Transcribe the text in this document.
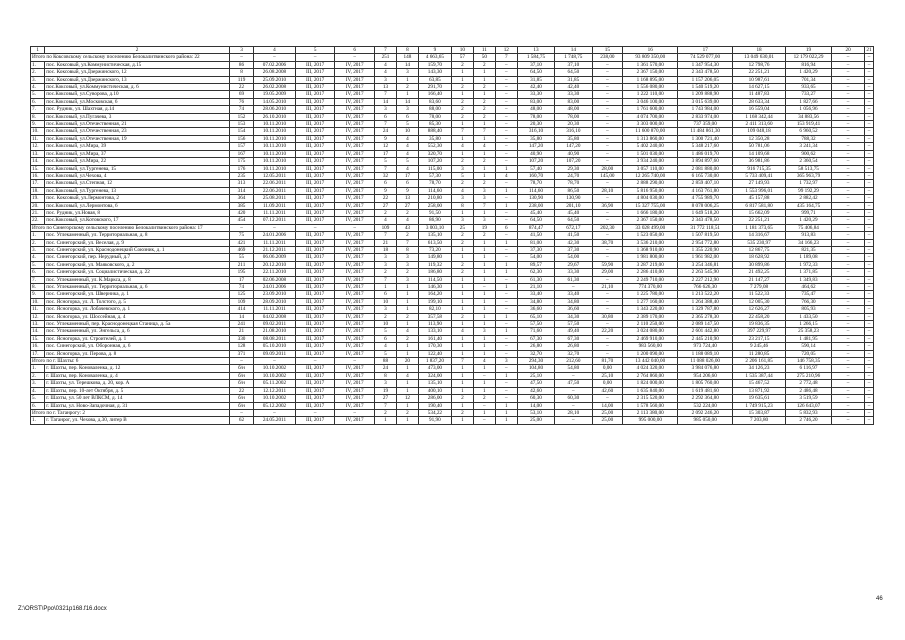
1	2	3	4	5	6	7	8	9	10	11	12	13	14	15	16	17	18	19	20	21
Итого по Коксовскому сельскому поселению Белокалитвинского района: 22		–	–	–	–	251	148	4 663,65	57	50	7	1 584,75	1 748,75	238,00	93 809 350,00	74 529 077,00	13 049 630,01	12 179 022,29	–	–
1.	пос. Коксовый, ул.Коммунистическая, д.15	86	07.02.2006	III, 2017	IV, 2017	4	14	159,70	2	2	–	37,10	37,10	–	1 361 570,00	1 347 954,30	12 798,76	816,94	–	–
2.	пос. Коксовый, ул.Дзержинского, 12	8	26.08.2008	III, 2017	IV, 2017	4	3	143,30	1	1	–	64,50	64,50	–	2 367 150,00	2 343 478,50	22 251,21	1 420,29	–	–
3.	пос. Коксовый, ул.Дзержинского, 13	119	25.09.2010	III, 2017	IV, 2017	3	1	63,85	1	1	–	31,85	31,85	–	1 168 895,00	1 157 206,05	10 987,61	701,34	–	–
4.	пос.Коксовый, ул.Коммунистическая, д. 6	22	26.02.2008	III, 2017	IV, 2017	13	2	291,70	2	2	–	42,40	42,40	–	1 556 080,00	1 540 519,20	14 627,15	933,65	–	–
5.	пос.Коксовый, ул.Суворова, д.10	69	19.05.2009	III, 2017	IV, 2017	7	1	166,40	1	1	–	33,30	33,30	–	1 222 110,00	1 209 888,90	11 487,83	733,27	–	–
6.	пос.Коксовый, ул.Московская, 6	76	14.05.2010	III, 2017	IV, 2017	14	14	83,60	2	2	–	83,00	83,00	–	3 046 100,00	3 015 639,00	28 633,34	1 827,66	–	–
7.	пос. Рудник, ул. Шахтная, д.14	74	28.06.2010	III, 2017	IV, 2017	3	3	88,00	2	2	–	48,00	48,00	–	1 761 600,00	1 743 984,00	16 559,04	1 056,96	–	–
8.	пос.Коксовый, ул.Пугачева, 3	152	26.10.2010	III, 2017	IV, 2017	6	6	78,00	2	2	–	78,00	78,00	–	4 074 700,00	2 833 974,00	1 168 342,44	34 883,56	–	–
9.	пос.Коксовый, ул.Отечественная, 21	153	10.11.2010	III, 2017	IV, 2017	7	5	85,30	1	1	–	20,30	20,30	–	3 303 000,00	737 359,00	2 411 313,60	153 919,41	–	–
10.	пос.Коксовый, ул.Отечественная, 23	154	10.11.2010	III, 2017	IV, 2017	24	10	888,40	7	7	–	316,10	316,10	–	11 600 870,00	11 484 861,30	109 048,18	6 960,52	–	–
11.	пос.Коксовый, ул.Отечественная, 19	156	10.11.2010	III, 2017	IV, 2017	9	4	35,80	1	1	–	35,80	35,80	–	1 313 860,00	1 300 721,40	12 350,28	788,32	–	–
12.	пос.Коксовый, ул.Мира, 39	157	10.11.2010	III, 2017	IV, 2017	12	4	552,30	4	4	–	147,20	147,20	–	5 402 240,00	5 348 217,60	50 781,06	3 241,34	–	–
13.	пос.Коксовый, ул.Мира, 37	167	10.11.2010	III, 2017	IV, 2017	17	4	320,70	1	1	–	40,90	40,90	–	1 501 030,00	1 486 019,70	14 109,68	900,62	–	–
14.	пос.Коксовый, ул.Мира, 22	175	10.11.2010	III, 2017	IV, 2017	5	5	107,20	2	2	–	107,20	107,20	–	3 934 240,00	3 894 897,60	36 981,86	2 360,54	–	–
15.	пос.Коксовый, ул.Тургенева, 15	176	10.11.2010	III, 2017	IV, 2017	7	4	115,00	3	1	1	57,40	29,30	28,00	3 057 110,00	2 081 880,00	916 715,35	58 513,75	–	–
16.	пос.Коксовый, ул.Чехова, 4	235	12.05.2011	III, 2017	IV, 2017	32	17	57,30	5	1	4	160,70	24,70	145,00	12 265 740,00	6 165 730,00	5 733 409,41	365 963,79	–	–
17.	пос.Коксовый, ул.Степная, 12	313	22.06.2011	III, 2017	IV, 2017	6	6	78,70	2	2	–	78,70	78,70	–	2 888 290,00	2 859 407,10	27 149,93	1 732,97	–	–
18.	пос.Коксовый, ул.Тургенева, 13	314	22.06.2011	III, 2017	IV, 2017	9	9	114,60	4	3	1	114,60	86,50	28,10	5 816 950,00	4 163 761,80	1 553 996,01	99 192,29	–	–
19.	пос. Коксовый, ул.Лермонтова, 2	364	25.08.2011	III, 2017	IV, 2017	22	13	210,80	3	3	–	130,90	130,90	–	4 804 030,00	4 755 989,70	45 157,88	2 882,42	–	–
20.	пос.Коксовый, ул.Лермонтова, 6	385	11.09.2011	III, 2017	IV, 2017	27	27	258,00	8	7	1	238,00	201,10	36,90	15 327 755,00	8 078 006,25	6 817 581,80	435 164,75	–	–
21.	пос. Рудник, ул.Новая, 8	420	11.11.2011	III, 2017	IV, 2017	2	2	91,50	1	1	–	45,40	45,40	–	1 666 180,00	1 649 518,20	15 662,09	999,71	–	–
22.	пос.Коксовый, ул.Котовского, 17	454	07.12.2011	III, 2017	IV, 2017	4	4	86,90	3	3	–	64,50	64,50	–	2 367 150,00	2 343 478,50	22 251,21	1 420,29	–	–
Итого по Синегорскому сельскому поселению Белокалитвинского района: 17		–	–	–	–	109	43	3 003,10	25	19	6	874,47	672,17	202,30	33 028 499,00	31 772 118,51	1 181 373,65	75 406,84	–	–
1.	пос. Углекаменный, ул. Территориальная, д. 8	75	24.01.2006	III, 2017	IV, 2017	7	2	135,10	2	2	–	41,50	41,50	–	1 523 050,00	1 507 819,50	14 316,67	913,83	–	–
2.	пос. Синегорский, ул. Веселая, д. 9	421	11.11.2011	III, 2017	IV, 2017	21	7	613,50	2	1	1	81,00	42,30	38,70	3 536 210,00	2 954 772,80	535 230,97	34 166,23	–	–
3.	пос. Синегорский, ул. Краснодонецкий Союзник, д. 1	469	21.12.2011	III, 2017	IV, 2017	18	8	73,20	1	1	–	37,30	37,30	–	1 368 910,00	1 355 220,90	12 867,75	821,35	–	–
4.	пос. Синегорский, пер. Нерудный, д.7	55	06.06.2009	III, 2017	IV, 2017	3	3	149,80	1	1	–	54,00	54,00	–	1 981 800,00	1 961 982,00	18 628,92	1 189,08	–	–
5.	пос. Синегорский, ул. Маяковского, д. 2	211	20.12.2010	III, 2017	IV, 2017	3	3	119,32	2	1	1	89,57	29,67	59,90	3 287 219,00	3 254 346,81	30 899,86	1 972,33	–	–
6.	пос. Синегорский, ул. Социалистическая, д. 22	195	22.11.2010	III, 2017	IV, 2017	2	2	186,80	2	1	1	62,30	33,30	29,00	2 286 410,00	2 263 545,90	21 492,25	1 371,85	–	–
7.	пос. Углекаменный, ул. К.Маркса, д. 8	17	02.06.2008	III, 2017	IV, 2017	7	3	114,50	1	1	–	61,30	61,30	–	2 249 710,00	2 227 212,90	21 147,27	1 349,83	–	–
8.	пос. Углекаменный, ул. Территориальная, д. 6	74	24.01.2006	III, 2017	IV, 2017	1	1	146,30	1	–	1	21,10	–	21,10	774 370,00	766 626,30	7 279,08	464,62	–	–
9.	пос. Синегорский, ул. Шверника, д. 1	125	23.09.2010	III, 2017	IV, 2017	6	1	164,20	1	1	–	33,40	33,40	–	1 225 780,00	1 213 522,20	11 522,33	735,47	–	–
10.	пос. Ясногорка, ул. Л. Толстого, д. 5	109	28.09.2010	III, 2017	IV, 2017	10	1	199,10	1	1	–	34,80	34,80	–	1 277 160,00	1 264 388,40	12 005,30	766,30	–	–
11.	пос. Ясногорка, ул. Лобачевского, д. 1	414	11.11.2011	III, 2017	IV, 2017	3	1	82,10	1	1	–	36,60	36,60	–	1 343 220,00	1 329 787,80	12 626,27	805,93	–	–
12.	пос. Ясногорка, ул. Шоссейная, д. 4	14	04.02.2008	III, 2017	IV, 2017	2	2	357,58	2	1	1	65,10	34,30	30,80	2 389 170,00	2 365 278,30	22 458,20	1 433,50	–	–
13.	пос. Углекаменный, пер. Краснодонецкая Станица, д. 5а	241	09.02.2011	III, 2017	IV, 2017	10	1	113,90	1	1	–	57,50	57,50	–	2 110 250,00	2 089 147,50	19 836,35	1 266,15	–	–
14.	пос. Углекаменный, ул. Энгельса, д. 6	21	21.08.2010	III, 2017	IV, 2017	5	4	133,10	4	3	1	71,60	49,40	22,20	3 024 080,00	2 601 442,80	397 229,97	25 358,23	–	–
15.	пос. Ясногорка, ул. Строителей, д. 1	330	08.08.2011	III, 2017	IV, 2017	6	2	161,40	1	1	–	67,30	67,30	–	2 469 910,00	2 445 210,90	23 217,15	1 481,95	–	–
16.	пос. Синегорский, ул. Оборонная, д. 6	128	05.10.2010	III, 2017	IV, 2017	4	1	170,30	1	1	–	26,80	26,80	–	983 560,00	973 724,40	9 245,46	590,14	–	–
17.	пос. Ясногорка, ул. Перова, д. 8	371	09.09.2011	III, 2017	IV, 2017	5	1	122,40	1	1	–	32,70	32,70	–	1 200 090,00	1 188 089,10	11 280,85	720,05	–	–
Итого по г. Шахты: 6		–	–	–	–	88	20	1 837,20	7	4	3	294,30	212,60	81,70	13 442 040,00	11 088 026,00	2 206 161,85	146 758,35	–	–
1.	г. Шахты, пер. Коноваленка, д. 12	б/н	10.10.2002	III, 2017	IV, 2017	24	1	473,00	1	1	–	104,80	54,80	0,00	4 024 320,00	3 984 076,80	34 126,23	6 116,97	–	–
2.	г. Шахты, пер. Коноваленка, д. 4	б/н	10.10.2002	III, 2017	IV, 2017	8	4	324,00	1	–	1	25,10	–	25,10	2 764 860,00	954 206,60	1 535 387,44	275 210,96	–	–
3.	г. Шахты, ул. Терешкова, д. 20, кор. А	б/н	05.11.2002	III, 2017	IV, 2017	3	1	135,10	1	1	–	47,50	47,50	0,00	1 824 000,00	1 805 760,00	15 467,52	2 772,48	–	–
4.	г. Шахты, пер. 10-лет Октября, д. 5	22	12.12.2011	III, 2017	IV, 2017	19	1	400,10	1	1	–	42,60	–	42,60	1 635 840,00	1 619 481,60	13 871,92	2 486,48	–	–
5.	г. Шахты, ул. 50 лет ВЛКСМ, д. 14	б/н	10.10.2002	III, 2017	IV, 2017	27	12	286,00	2	2	–	60,30	60,30	–	2 315 520,00	2 292 364,80	19 635,61	3 519,59	–	–
6.	г. Шахты, ул. Ново-Западочная, д. 31	б/н	05.12.2002	III, 2017	IV, 2017	7	1	190,40	1	–	1	14,00	–	14,00	1 578 560,00	532 224,00	1 749 915,23	126 643,07	–	–
Итого по г. Таганрогу: 2		–	–	–	–	2	2	534,22	2	1	1	53,10	28,10	25,00	2 113 380,00	2 092 246,20	15 303,87	5 832,93	–	–
1.	г. Таганрог, ул. Чехова, д.30, литер В	62	24.05.2011	III, 2017	IV, 2017	1	1	91,90	1	–	1	25,00	–	25,00	995 000,00	985 050,00	7 203,80	2 746,20	–	–
Z:\ORST\Ppo\0321p168.f16.docx
46
